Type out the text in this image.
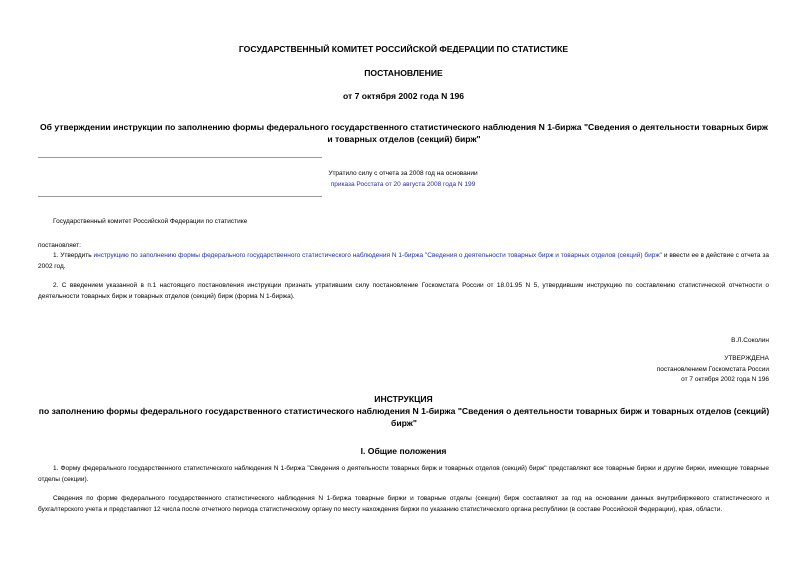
ГОСУДАРСТВЕННЫЙ КОМИТЕТ РОССИЙСКОЙ ФЕДЕРАЦИИ ПО СТАТИСТИКЕ
ПОСТАНОВЛЕНИЕ
от 7 октября 2002 года N 196
Об утверждении инструкции по заполнению формы федерального государственного статистического наблюдения N 1-биржа "Сведения о деятельности товарных бирж и товарных отделов (секций) бирж"
Утратило силу с отчета за 2008 год на основании
приказа Росстата от 20 августа 2008 года N 199
Государственный комитет Российской Федерации по статистике
постановляет:
1. Утвердить инструкцию по заполнению формы федерального государственного статистического наблюдения N 1-биржа "Сведения о деятельности товарных бирж и товарных отделов (секций) бирж" и ввести ее в действие с отчета за 2002 год.
2. С введением указанной в п.1 настоящего постановления инструкции признать утратившим силу постановление Госкомстата России от 18.01.95 N 5, утвердившим инструкцию по составлению статистической отчетности о деятельности товарных бирж и товарных отделов (секций) бирж (форма N 1-биржа).
В.Л.Соколин
УТВЕРЖДЕНА
постановлением Госкомстата России
от 7 октября 2002 года N 196
ИНСТРУКЦИЯ
по заполнению формы федерального государственного статистического наблюдения N 1-биржа "Сведения о деятельности товарных бирж и товарных отделов (секций) бирж"
I. Общие положения
1. Форму федерального государственного статистического наблюдения N 1-биржа "Сведения о деятельности товарных бирж и товарных отделов (секций) бирж" представляют все товарные биржи и другие биржи, имеющие товарные отделы (секции).
Сведения по форме федерального государственного статистического наблюдения N 1-биржа товарные биржи и товарные отделы (секции) бирж составляют за год на основании данных внутрибиржевого статистического и бухгалтерского учета и представляют 12 числа после отчетного периода статистическому органу по месту нахождения биржи по указанию статистического органа республики (в составе Российской Федерации), края, области.
